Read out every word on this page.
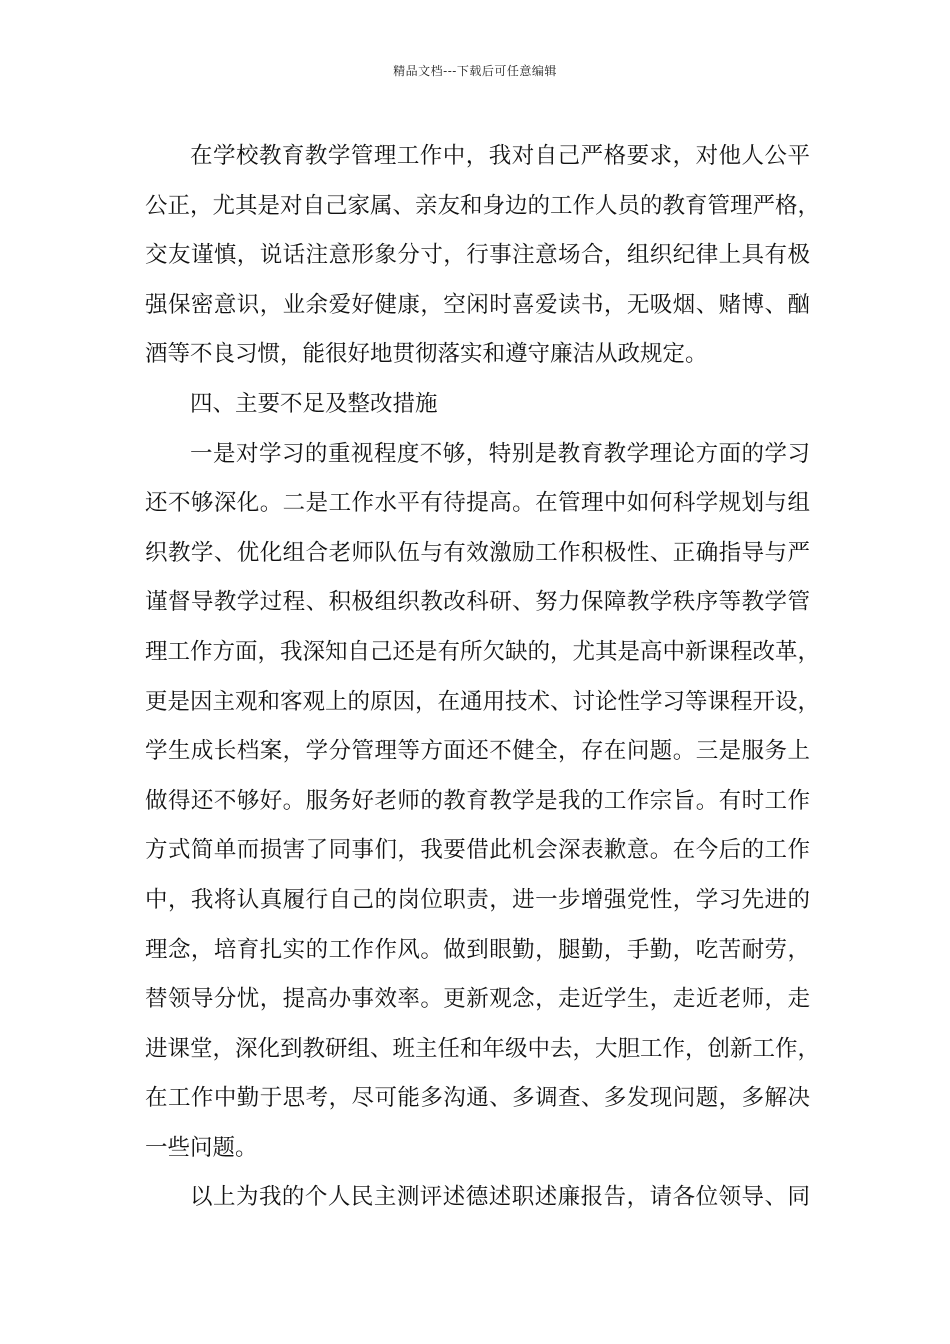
精品文档---下载后可任意编辑
在学校教育教学管理工作中，我对自己严格要求，对他人公平
公正，尤其是对自己家属、亲友和身边的工作人员的教育管理严格，
交友谨慎，说话注意形象分寸，行事注意场合，组织纪律上具有极
强保密意识，业余爱好健康，空闲时喜爱读书，无吸烟、赌博、酗
酒等不良习惯，能很好地贯彻落实和遵守廉洁从政规定。
四、主要不足及整改措施
一是对学习的重视程度不够，特别是教育教学理论方面的学习
还不够深化。二是工作水平有待提高。在管理中如何科学规划与组
织教学、优化组合老师队伍与有效激励工作积极性、正确指导与严
谨督导教学过程、积极组织教改科研、努力保障教学秩序等教学管
理工作方面，我深知自己还是有所欠缺的，尤其是高中新课程改革，
更是因主观和客观上的原因，在通用技术、讨论性学习等课程开设，
学生成长档案，学分管理等方面还不健全，存在问题。三是服务上
做得还不够好。服务好老师的教育教学是我的工作宗旨。有时工作
方式简单而损害了同事们，我要借此机会深表歉意。在今后的工作
中，我将认真履行自己的岗位职责，进一步增强党性，学习先进的
理念，培育扎实的工作作风。做到眼勤，腿勤，手勤，吃苦耐劳，
替领导分忧，提高办事效率。更新观念，走近学生，走近老师，走
进课堂，深化到教研组、班主任和年级中去，大胆工作，创新工作，
在工作中勤于思考，尽可能多沟通、多调查、多发现问题，多解决
一些问题。
以上为我的个人民主测评述德述职述廉报告，请各位领导、同
